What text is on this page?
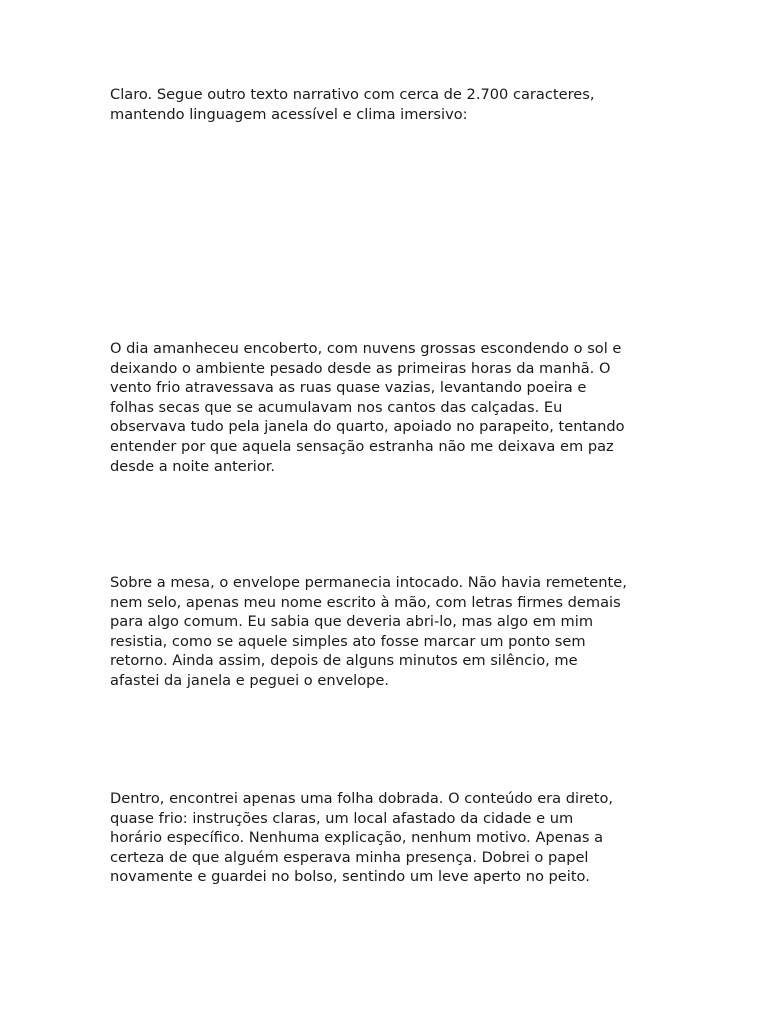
Claro. Segue outro texto narrativo com cerca de 2.700 caracteres,
mantendo linguagem acessível e clima imersivo:

O dia amanheceu encoberto, com nuvens grossas escondendo o sol e
deixando o ambiente pesado desde as primeiras horas da manhã. O
vento frio atravessava as ruas quase vazias, levantando poeira e
folhas secas que se acumulavam nos cantos das calçadas. Eu
observava tudo pela janela do quarto, apoiado no parapeito, tentando
entender por que aquela sensação estranha não me deixava em paz
desde a noite anterior.

Sobre a mesa, o envelope permanecia intocado. Não havia remetente,
nem selo, apenas meu nome escrito à mão, com letras firmes demais
para algo comum. Eu sabia que deveria abri-lo, mas algo em mim
resistia, como se aquele simples ato fosse marcar um ponto sem
retorno. Ainda assim, depois de alguns minutos em silêncio, me
afastei da janela e peguei o envelope.

Dentro, encontrei apenas uma folha dobrada. O conteúdo era direto,
quase frio: instruções claras, um local afastado da cidade e um
horário específico. Nenhuma explicação, nenhum motivo. Apenas a
certeza de que alguém esperava minha presença. Dobrei o papel
novamente e guardei no bolso, sentindo um leve aperto no peito.
